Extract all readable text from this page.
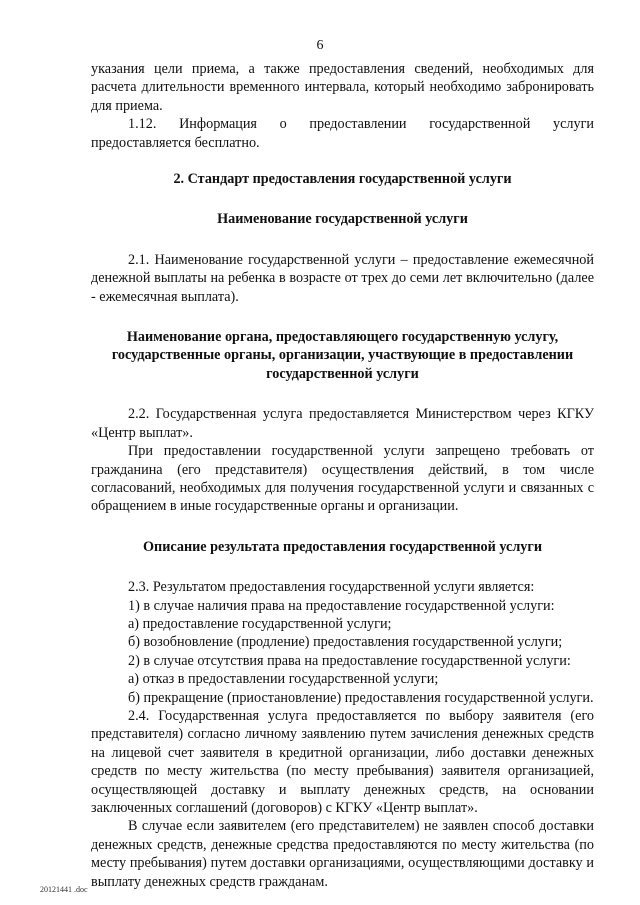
6

указания цели приема, а также предоставления сведений, необходимых для расчета длительности временного интервала, который необходимо забронировать для приема.

1.12. Информация о предоставлении государственной услуги предоставляется бесплатно.

2. Стандарт предоставления государственной услуги

Наименование государственной услуги

2.1. Наименование государственной услуги – предоставление ежемесячной денежной выплаты на ребенка в возрасте от трех до семи лет включительно (далее - ежемесячная выплата).

Наименование органа, предоставляющего государственную услугу, государственные органы, организации, участвующие в предоставлении государственной услуги

2.2. Государственная услуга предоставляется Министерством через КГКУ «Центр выплат».

При предоставлении государственной услуги запрещено требовать от гражданина (его представителя) осуществления действий, в том числе согласований, необходимых для получения государственной услуги и связанных с обращением в иные государственные органы и организации.

Описание результата предоставления государственной услуги

2.3. Результатом предоставления государственной услуги является:

1) в случае наличия права на предоставление государственной услуги:

а) предоставление государственной услуги;

б) возобновление (продление) предоставления государственной услуги;

2) в случае отсутствия права на предоставление государственной услуги:

а) отказ в предоставлении государственной услуги;

б) прекращение (приостановление) предоставления государственной услуги.

2.4. Государственная услуга предоставляется по выбору заявителя (его представителя) согласно личному заявлению путем зачисления денежных средств на лицевой счет заявителя в кредитной организации, либо доставки денежных средств по месту жительства (по месту пребывания) заявителя организацией, осуществляющей доставку и выплату денежных средств, на основании заключенных соглашений (договоров) с КГКУ «Центр выплат».

В случае если заявителем (его представителем) не заявлен способ доставки денежных средств, денежные средства предоставляются по месту жительства (по месту пребывания) путем доставки организациями, осуществляющими доставку и выплату денежных средств гражданам.

20121441 .doc
